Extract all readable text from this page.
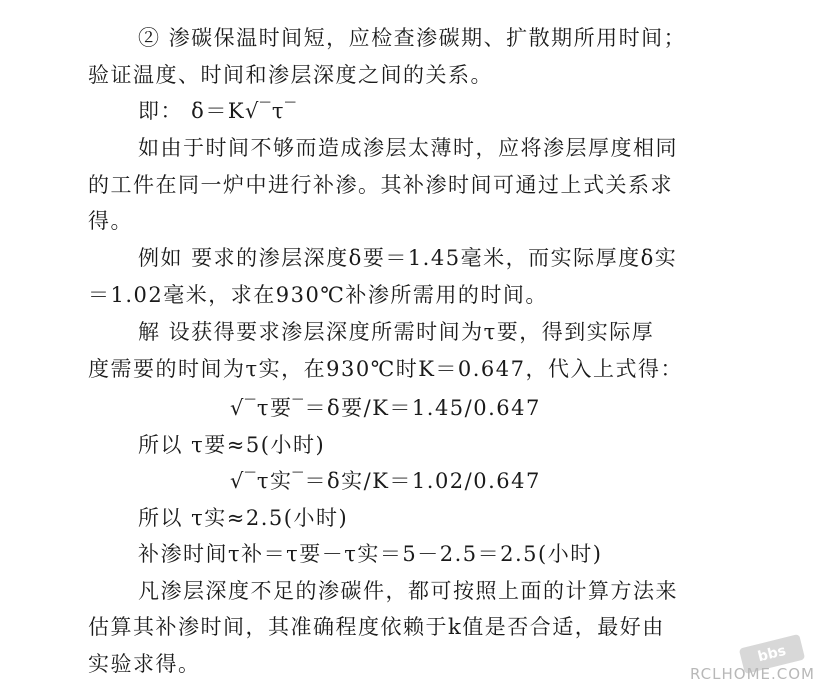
② 渗碳保温时间短，应检查渗碳期、扩散期所用时间；
验证温度、时间和渗层深度之间的关系。
即： δ＝K√‾τ‾
如由于时间不够而造成渗层太薄时，应将渗层厚度相同
的工件在同一炉中进行补渗。其补渗时间可通过上式关系求
得。
例如 要求的渗层深度δ要＝1.45毫米，而实际厚度δ实
＝1.02毫米，求在930℃补渗所需用的时间。
解 设获得要求渗层深度所需时间为τ要，得到实际厚
度需要的时间为τ实，在930℃时K＝0.647，代入上式得：
√‾τ要‾＝δ要/K＝1.45/0.647
所以 τ要≈5(小时)
√‾τ实‾＝δ实/K＝1.02/0.647
所以 τ实≈2.5(小时)
补渗时间τ补＝τ要－τ实＝5－2.5＝2.5(小时)
凡渗层深度不足的渗碳件，都可按照上面的计算方法来
估算其补渗时间，其准确程度依赖于k值是否合适，最好由
实验求得。	bbs
RCLHOME.COM
